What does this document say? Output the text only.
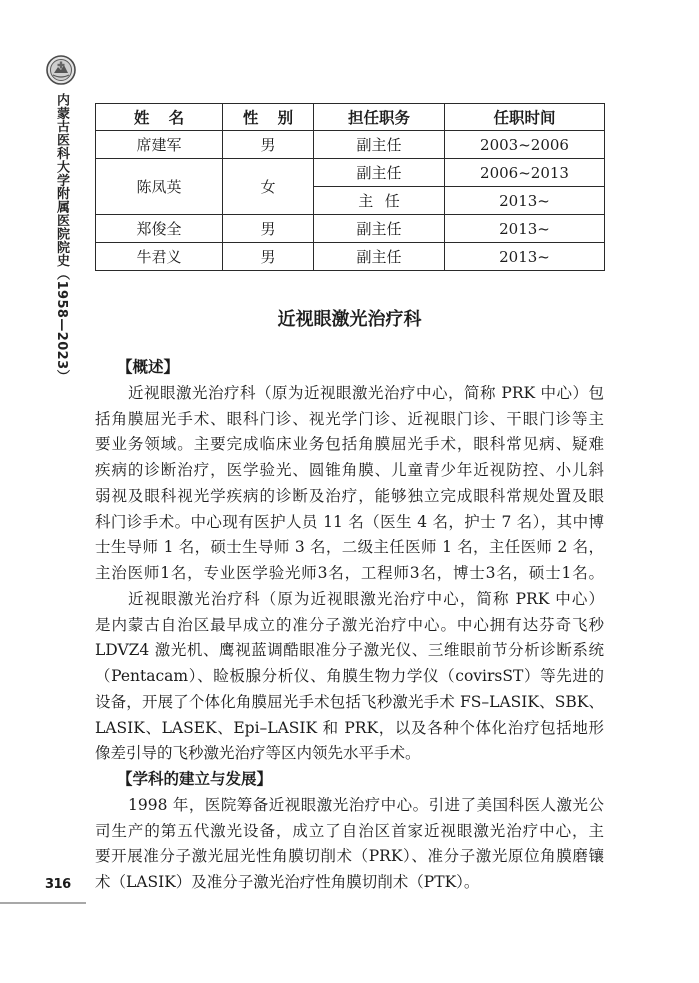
内蒙古医科大学附属医院院史（1958—2023）	姓 名	性 别	担任职务	任职时间
席建军	男	副主任	2003~2006
陈凤英	女	副主任	2006~2013
		主 任	2013~
郑俊全	男	副主任	2013~
牛君义	男	副主任	2013~
近视眼激光治疗科
【概述】
近视眼激光治疗科（原为近视眼激光治疗中心，简称 PRK 中心）包
括角膜屈光手术、眼科门诊、视光学门诊、近视眼门诊、干眼门诊等主
要业务领域。主要完成临床业务包括角膜屈光手术，眼科常见病、疑难
疾病的诊断治疗，医学验光、圆锥角膜、儿童青少年近视防控、小儿斜
弱视及眼科视光学疾病的诊断及治疗，能够独立完成眼科常规处置及眼
科门诊手术。中心现有医护人员 11 名（医生 4 名，护士 7 名），其中博
士生导师 1 名，硕士生导师 3 名，二级主任医师 1 名，主任医师 2 名，
主治医师1名，专业医学验光师3名，工程师3名，博士3名，硕士1名。
近视眼激光治疗科（原为近视眼激光治疗中心，简称 PRK 中心）
是内蒙古自治区最早成立的准分子激光治疗中心。中心拥有达芬奇飞秒
LDVZ4 激光机、鹰视蓝调酷眼准分子激光仪、三维眼前节分析诊断系统
（Pentacam）、睑板腺分析仪、角膜生物力学仪（covirsST）等先进的
设备，开展了个体化角膜屈光手术包括飞秒激光手术 FS–LASIK、SBK、
LASIK、LASEK、Epi–LASIK 和 PRK，以及各种个体化治疗包括地形
像差引导的飞秒激光治疗等区内领先水平手术。
【学科的建立与发展】
1998 年，医院筹备近视眼激光治疗中心。引进了美国科医人激光公
司生产的第五代激光设备，成立了自治区首家近视眼激光治疗中心，主
要开展准分子激光屈光性角膜切削术（PRK）、准分子激光原位角膜磨镶
术（LASIK）及准分子激光治疗性角膜切削术（PTK）。
316
